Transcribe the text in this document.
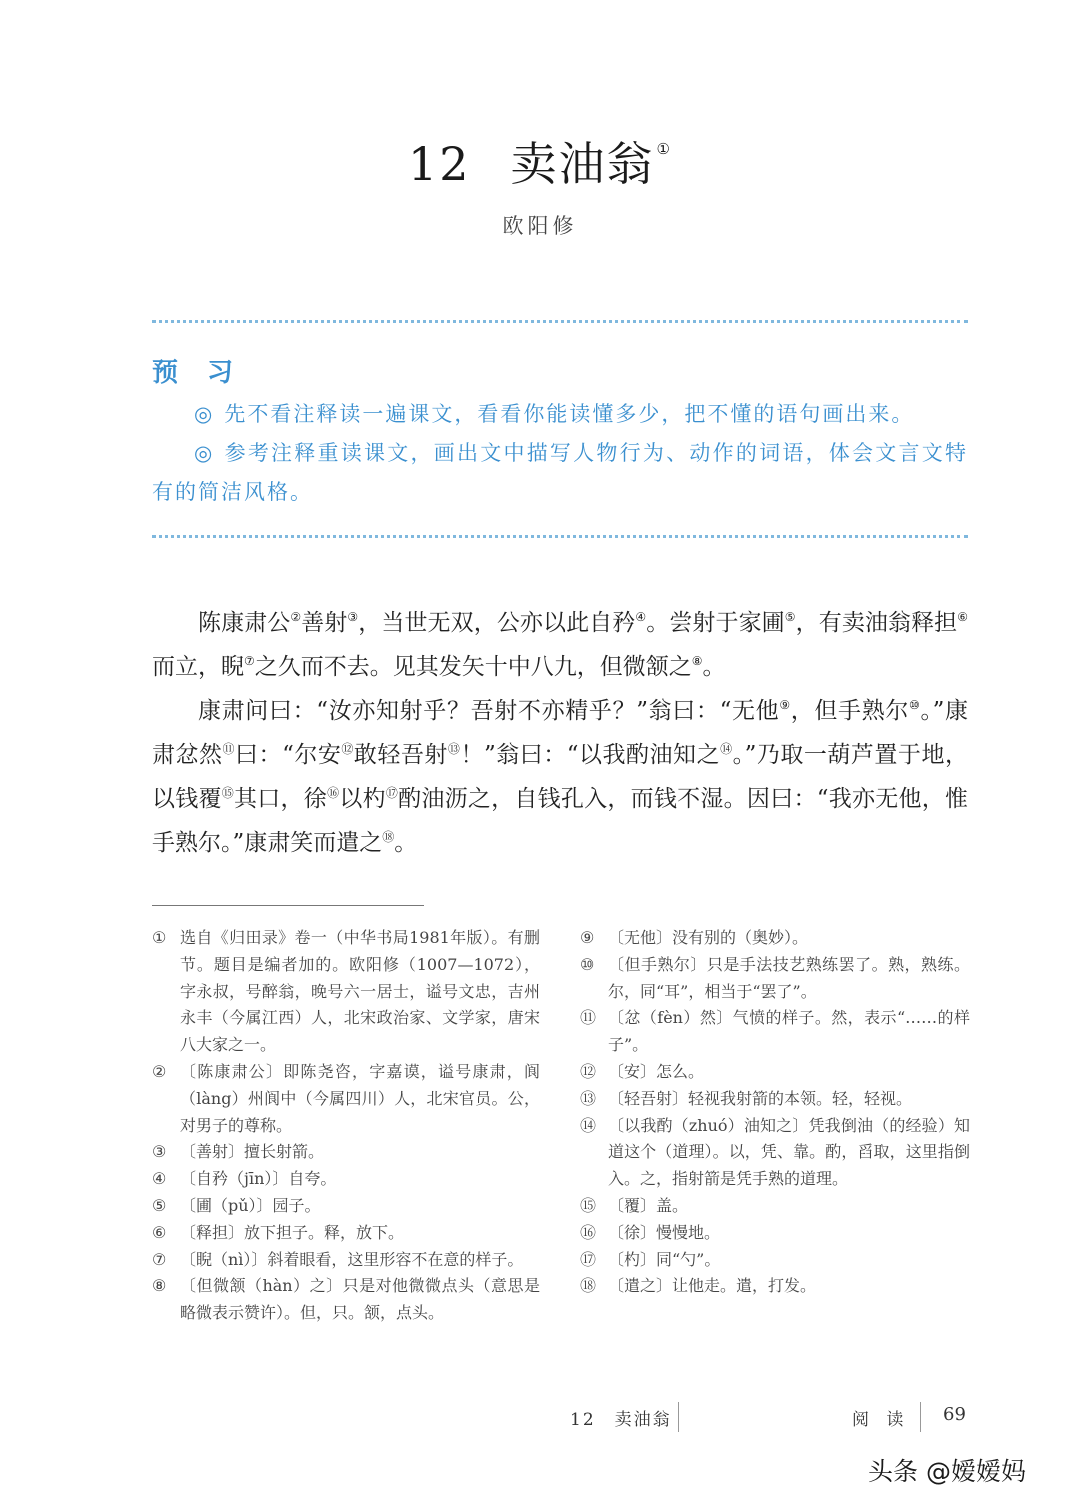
12 卖油翁 ①
欧阳修
预 习

◎ 先不看注释读一遍课文，看看你能读懂多少，把不懂的语句画出来。

◎ 参考注释重读课文，画出文中描写人物行为、动作的词语，体会文言文特有的简洁风格。

陈康肃公②善射③，当世无双，公亦以此自矜④。尝射于家圃⑤，有卖油翁释担⑥而立，睨⑦之久而不去。见其发矢十中八九，但微颔之⑧。

康肃问曰：“汝亦知射乎？吾射不亦精乎？”翁曰：“无他⑨，但手熟尔⑩。”康肃忿然⑪曰：“尔安⑫敢轻吾射⑬！”翁曰：“以我酌油知之⑭。”乃取一葫芦置于地，以钱覆⑮其口，徐⑯以杓⑰酌油沥之，自钱孔入，而钱不湿。因曰：“我亦无他，惟手熟尔。”康肃笑而遣之⑱。

① 选自《归田录》卷一（中华书局1981年版）。有删节。题目是编者加的。欧阳修（1007—1072），字永叔，号醉翁，晚号六一居士，谥号文忠，吉州永丰（今属江西）人，北宋政治家、文学家，唐宋八大家之一。
② 〔陈康肃公〕即陈尧咨，字嘉谟，谥号康肃，阆（làng）州阆中（今属四川）人，北宋官员。公，对男子的尊称。
③ 〔善射〕擅长射箭。
④ 〔自矜（jīn）〕自夸。
⑤ 〔圃（pǔ）〕园子。
⑥ 〔释担〕放下担子。释，放下。
⑦ 〔睨（nì）〕斜着眼看，这里形容不在意的样子。
⑧ 〔但微颔（hàn）之〕只是对他微微点头（意思是略微表示赞许）。但，只。颔，点头。
⑨ 〔无他〕没有别的（奥妙）。
⑩ 〔但手熟尔〕只是手法技艺熟练罢了。熟，熟练。尔，同“耳”，相当于“罢了”。
⑪ 〔忿（fèn）然〕气愤的样子。然，表示“……的样子”。
⑫ 〔安〕怎么。
⑬ 〔轻吾射〕轻视我射箭的本领。轻，轻视。
⑭ 〔以我酌（zhuó）油知之〕凭我倒油（的经验）知道这个（道理）。以，凭、靠。酌，舀取，这里指倒入。之，指射箭是凭手熟的道理。
⑮ 〔覆〕盖。
⑯ 〔徐〕慢慢地。
⑰ 〔杓〕同“勺”。
⑱ 〔遣之〕让他走。遣，打发。
12　卖油翁	阅 读 69
头条 @嫒嫒妈
